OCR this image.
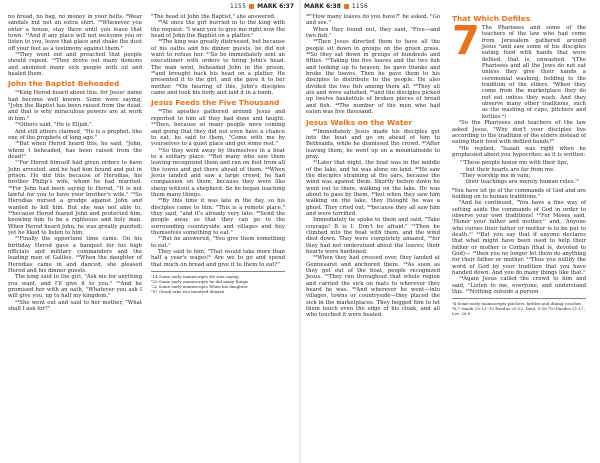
1155 MARK 6:37

no bread, no bag, no money in your belts. ⁹Wear sandals but not an extra shirt. ¹⁰Whenever you enter a house, stay there until you leave that town. ¹¹And if any place will not welcome you or listen to you, leave that place and shake the dust off your feet as a testimony against them."

¹²They went out and preached that people should repent. ¹³They drove out many demons and anointed many sick people with oil and healed them.

John the Baptist Beheaded

¹⁴King Herod heard about this, for Jesus' name had become well known. Some were saying, "John the Baptist has been raised from the dead, and that is why miraculous powers are at work in him."

¹⁵Others said, "He is Elijah."

And still others claimed, "He is a prophet, like one of the prophets of long ago."

¹⁶But when Herod heard this, he said, "John, whom I beheaded, has been raised from the dead!"

¹⁷For Herod himself had given orders to have John arrested, and he had him bound and put in prison. He did this because of Herodias, his brother Philip's wife, whom he had married. ¹⁸For John had been saying to Herod, "It is not lawful for you to have your brother's wife." ¹⁹So Herodias nursed a grudge against John and wanted to kill him. But she was not able to, ²⁰because Herod feared John and protected him, knowing him to be a righteous and holy man. When Herod heard John, he was greatly puzzled; yet he liked to listen to him.

²¹Finally the opportune time came. On his birthday Herod gave a banquet for his high officials and military commanders and the leading men of Galilee. ²²When the daughter of Herodias came in and danced, she pleased Herod and his dinner guests.

The king said to the girl, "Ask me for anything you want, and I'll give it to you." ²³And he promised her with an oath, "Whatever you ask I will give you, up to half my kingdom."

²⁴She went out and said to her mother, "What shall I ask for?"

"The head of John the Baptist," she answered.

²⁵At once the girl hurried in to the king with the request: "I want you to give me right now the head of John the Baptist on a platter."

²⁶The king was greatly distressed, but because of his oaths and his dinner guests, he did not want to refuse her. ²⁷So he immediately sent an executioner with orders to bring John's head. The man went, beheaded John in the prison, ²⁸and brought back his head on a platter. He presented it to the girl, and she gave it to her mother. ²⁹On hearing of this, John's disciples came and took his body and laid it in a tomb.

Jesus Feeds the Five Thousand

³⁰The apostles gathered around Jesus and reported to him all they had done and taught. ³¹Then, because so many people were coming and going that they did not even have a chance to eat, he said to them, "Come with me by yourselves to a quiet place and get some rest."

³²So they went away by themselves in a boat to a solitary place. ³³But many who saw them leaving recognized them and ran on foot from all the towns and got there ahead of them. ³⁴When Jesus landed and saw a large crowd, he had compassion on them, because they were like sheep without a shepherd. So he began teaching them many things.

³⁵By this time it was late in the day, so his disciples came to him. "This is a remote place," they said, "and it's already very late. ³⁶Send the people away so that they can go to the surrounding countryside and villages and buy themselves something to eat."

³⁷But he answered, "You give them something to eat."

They said to him, "That would take more than half a year's wages!ᵇ Are we to go and spend that much on bread and give it to them to eat?"

ᵃ14 Some early manuscripts He was saying
ᵇ20 Some early manuscripts he did many things
ᶜ22 Some early manuscripts When his daughter
ᵈ37 Greek take two hundred denarii
MARK 6:38 1156

³⁸"How many loaves do you have?" he asked. "Go and see."

When they found out, they said, "Five—and two fish."

³⁹Then Jesus directed them to have all the people sit down in groups on the green grass. ⁴⁰So they sat down in groups of hundreds and fifties. ⁴¹Taking the five loaves and the two fish and looking up to heaven, he gave thanks and broke the loaves. Then he gave them to his disciples to distribute to the people. He also divided the two fish among them all. ⁴²They all ate and were satisfied, ⁴³and the disciples picked up twelve basketfuls of broken pieces of bread and fish. ⁴⁴The number of the men who had eaten was five thousand.

Jesus Walks on the Water

⁴⁵Immediately Jesus made his disciples get into the boat and go on ahead of him to Bethsaida, while he dismissed the crowd. ⁴⁶After leaving them, he went up on a mountainside to pray.

⁴⁷Later that night, the boat was in the middle of the lake, and he was alone on land. ⁴⁸He saw the disciples straining at the oars, because the wind was against them. Shortly before dawn he went out to them, walking on the lake. He was about to pass by them, ⁴⁹but when they saw him walking on the lake, they thought he was a ghost. They cried out, ⁵⁰because they all saw him and were terrified.

Immediately he spoke to them and said, "Take courage! It is I. Don't be afraid." ⁵¹Then he climbed into the boat with them, and the wind died down. They were completely amazed, ⁵²for they had not understood about the loaves; their hearts were hardened.

⁵³When they had crossed over, they landed at Gennesaret and anchored there. ⁵⁴As soon as they got out of the boat, people recognized Jesus. ⁵⁵They ran throughout that whole region and carried the sick on mats to wherever they heard he was. ⁵⁶And wherever he went—into villages, towns or countryside—they placed the sick in the marketplaces. They begged him to let them touch even the edge of his cloak, and all who touched it were healed.

That Which Defiles
7 The Pharisees and some of the teachers of the law who had come from Jerusalem gathered around Jesus ²and saw some of his disciples eating food with hands that were defiled, that is, unwashed. ³(The Pharisees and all the Jews do not eat unless they give their hands a ceremonial washing, holding to the tradition of the elders. ⁴When they come from the marketplace they do not eat unless they wash. And they observe many other traditions, such as the washing of cups, pitchers and kettles.ᵃ)

⁵So the Pharisees and teachers of the law asked Jesus, "Why don't your disciples live according to the tradition of the elders instead of eating their food with defiled hands?"

⁶He replied, "Isaiah was right when he prophesied about you hypocrites; as it is written:

"'These people honor me with their lips,

but their hearts are far from me.

⁷They worship me in vain;

their teachings are merely human rules.'ᵇ

⁸You have let go of the commands of God and are holding on to human traditions."

⁹And he continued, "You have a fine way of setting aside the commands of God in order to observe your own traditions! ¹⁰For Moses said, 'Honor your father and mother,'ᶜ and, 'Anyone who curses their father or mother is to be put to death.'ᵈ ¹¹But you say that if anyone declares that what might have been used to help their father or mother is Corban (that is, devoted to God)— ¹²then you no longer let them do anything for their father or mother. ¹³Thus you nullify the word of God by your tradition that you have handed down. And you do many things like that."

¹⁴Again Jesus called the crowd to him and said, "Listen to me, everyone, and understand this. ¹⁵Nothing outside a person

ᵃ4 Some early manuscripts pitchers, kettles and dining couches ᵇ6,7 Isaiah 29:13 ᶜ10 Exodus 20:12; Deut. 5:16 ᵈ10 Exodus 21:17; Lev. 20:9
